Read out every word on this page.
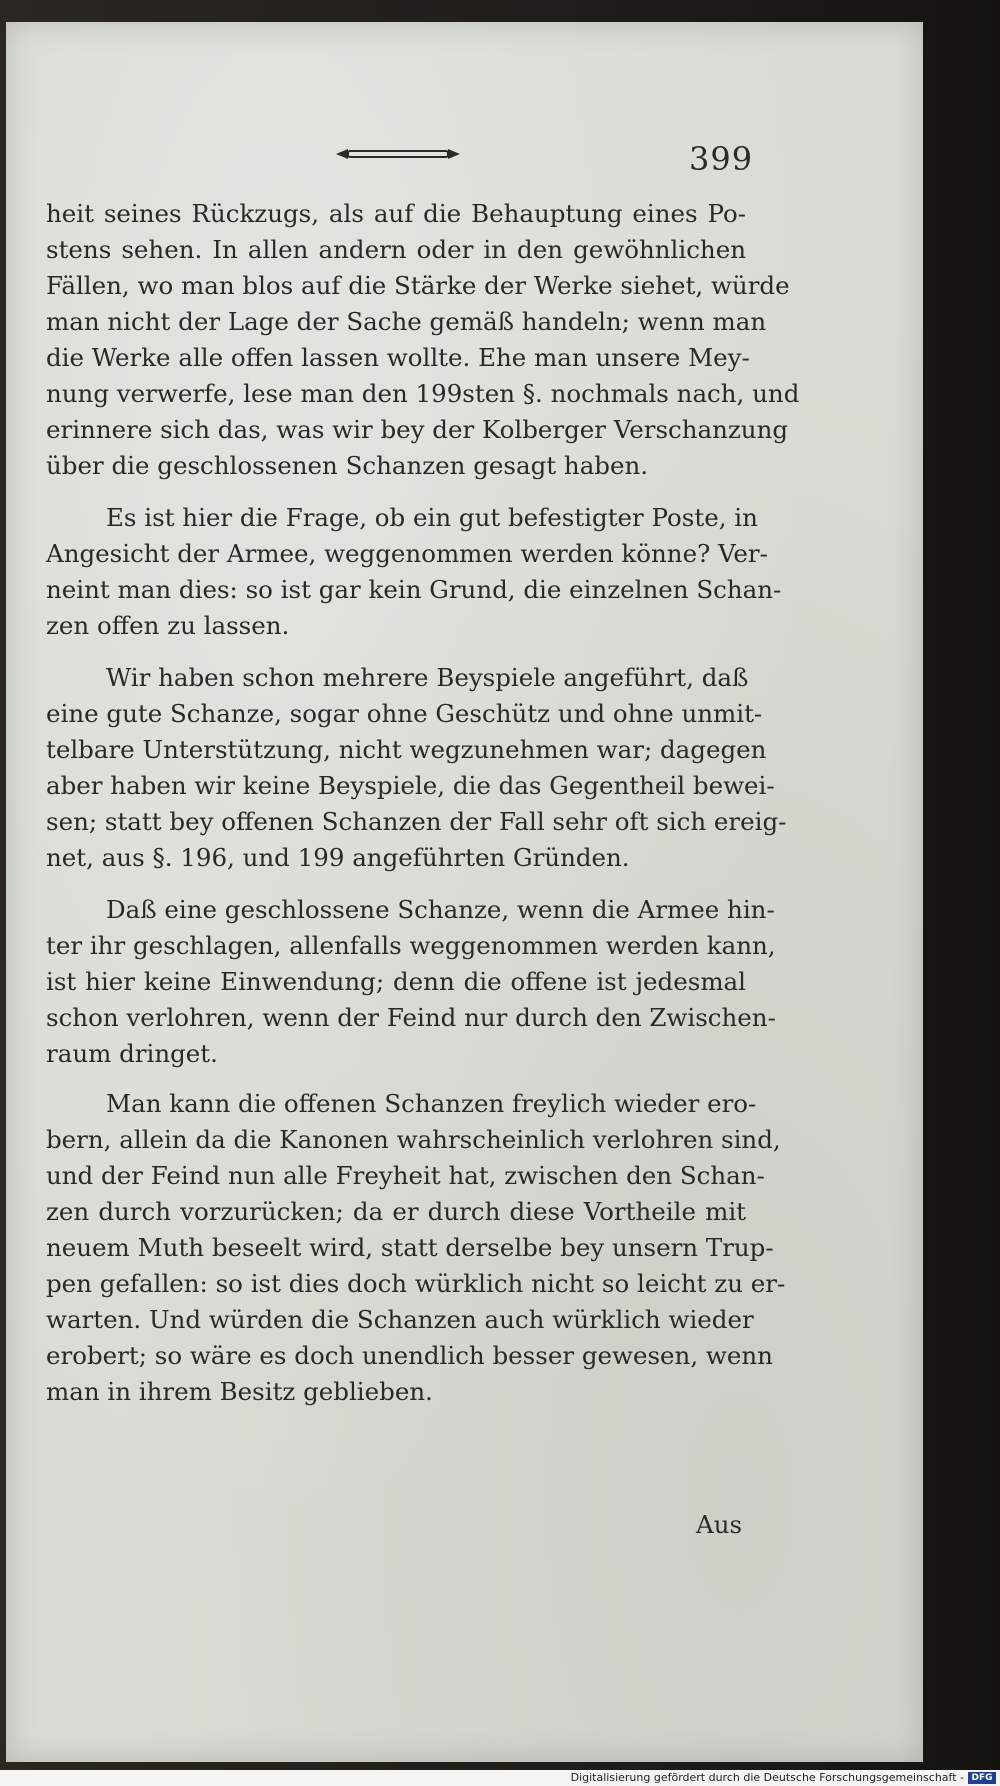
399
heit seines Rückzugs, als auf die Behauptung eines Po-
stens sehen. In allen andern oder in den gewöhnlichen
Fällen, wo man blos auf die Stärke der Werke siehet, würde
man nicht der Lage der Sache gemäß handeln; wenn man
die Werke alle offen lassen wollte. Ehe man unsere Mey-
nung verwerfe, lese man den 199sten §. nochmals nach, und
erinnere sich das, was wir bey der Kolberger Verschanzung
über die geschlossenen Schanzen gesagt haben.
Es ist hier die Frage, ob ein gut befestigter Poste, in
Angesicht der Armee, weggenommen werden könne? Ver-
neint man dies: so ist gar kein Grund, die einzelnen Schan-
zen offen zu lassen.
Wir haben schon mehrere Beyspiele angeführt, daß
eine gute Schanze, sogar ohne Geschütz und ohne unmit-
telbare Unterstützung, nicht wegzunehmen war; dagegen
aber haben wir keine Beyspiele, die das Gegentheil bewei-
sen; statt bey offenen Schanzen der Fall sehr oft sich ereig-
net, aus §. 196, und 199 angeführten Gründen.
Daß eine geschlossene Schanze, wenn die Armee hin-
ter ihr geschlagen, allenfalls weggenommen werden kann,
ist hier keine Einwendung; denn die offene ist jedesmal
schon verlohren, wenn der Feind nur durch den Zwischen-
raum dringet.
Man kann die offenen Schanzen freylich wieder ero-
bern, allein da die Kanonen wahrscheinlich verlohren sind,
und der Feind nun alle Freyheit hat, zwischen den Schan-
zen durch vorzurücken; da er durch diese Vortheile mit
neuem Muth beseelt wird, statt derselbe bey unsern Trup-
pen gefallen: so ist dies doch würklich nicht so leicht zu er-
warten. Und würden die Schanzen auch würklich wieder
erobert; so wäre es doch unendlich besser gewesen, wenn
man in ihrem Besitz geblieben.
Aus
Digitalisierung gefördert durch die Deutsche Forschungsgemeinschaft - DFG
